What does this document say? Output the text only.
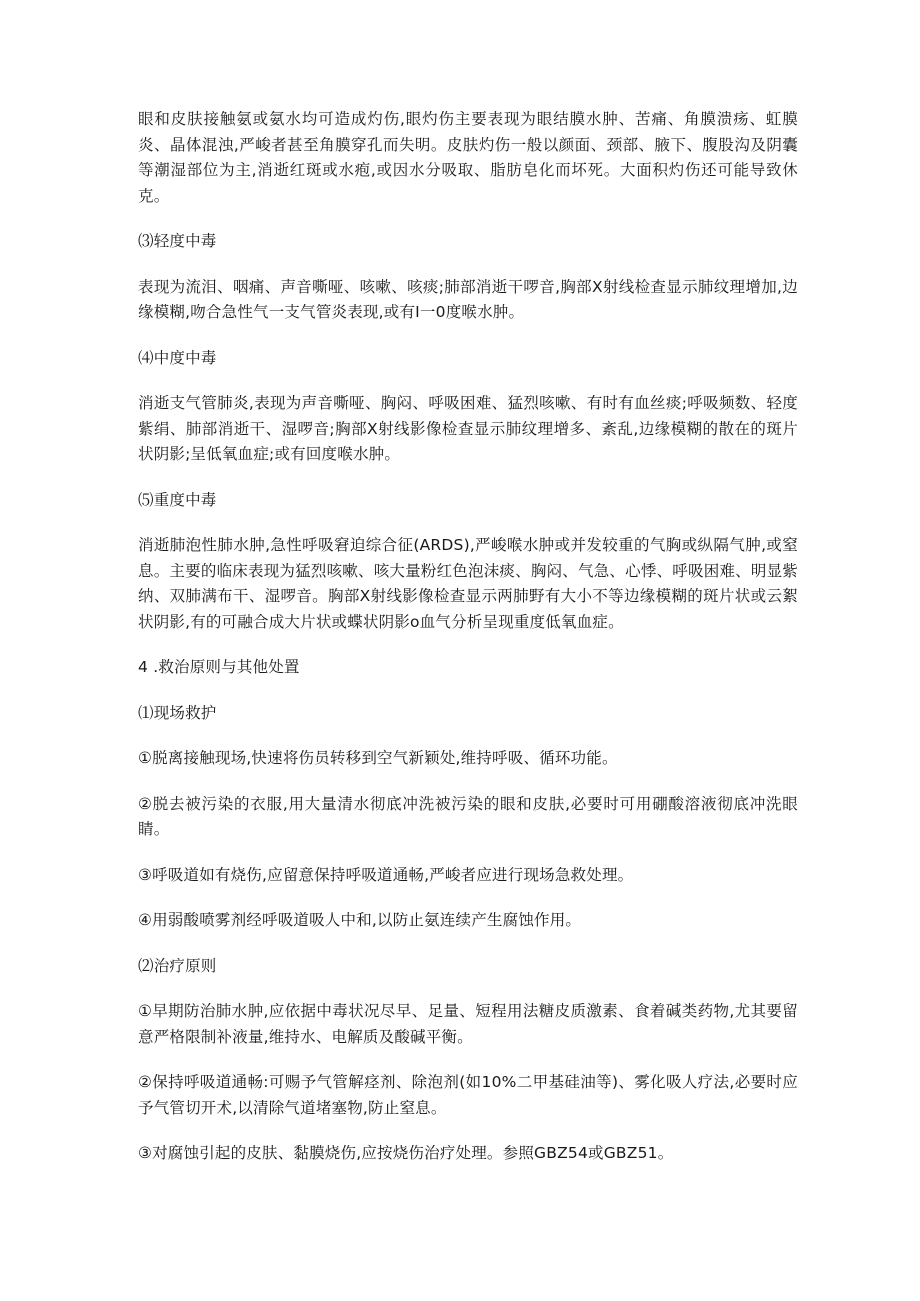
眼和皮肤接触氨或氨水均可造成灼伤,眼灼伤主要表现为眼结膜水肿、苦痛、角膜溃疡、虹膜炎、晶体混浊,严峻者甚至角膜穿孔而失明。皮肤灼伤一般以颜面、颈部、腋下、腹股沟及阴囊等潮湿部位为主,消逝红斑或水疱,或因水分吸取、脂肪皂化而坏死。大面积灼伤还可能导致休克。

⑶轻度中毒

表现为流泪、咽痛、声音嘶哑、咳嗽、咳痰;肺部消逝干啰音,胸部X射线检查显示肺纹理增加,边缘模糊,吻合急性气一支气管炎表现,或有I一0度喉水肿。

⑷中度中毒

消逝支气管肺炎,表现为声音嘶哑、胸闷、呼吸困难、猛烈咳嗽、有时有血丝痰;呼吸频数、轻度紫绢、肺部消逝干、湿啰音;胸部X射线影像检查显示肺纹理增多、紊乱,边缘模糊的散在的斑片状阴影;呈低氧血症;或有回度喉水肿。

⑸重度中毒

消逝肺泡性肺水肿,急性呼吸窘迫综合征(ARDS),严峻喉水肿或并发较重的气胸或纵隔气肿,或窒息。主要的临床表现为猛烈咳嗽、咳大量粉红色泡沫痰、胸闷、气急、心悸、呼吸困难、明显紫纳、双肺满布干、湿啰音。胸部X射线影像检查显示两肺野有大小不等边缘模糊的斑片状或云絮状阴影,有的可融合成大片状或蝶状阴影o血气分析呈现重度低氧血症。

4 .救治原则与其他处置

⑴现场救护

①脱离接触现场,快速将伤员转移到空气新颖处,维持呼吸、循环功能。

②脱去被污染的衣服,用大量清水彻底冲洗被污染的眼和皮肤,必要时可用硼酸溶液彻底冲洗眼睛。

③呼吸道如有烧伤,应留意保持呼吸道通畅,严峻者应进行现场急救处理。

④用弱酸喷雾剂经呼吸道吸人中和,以防止氨连续产生腐蚀作用。

⑵治疗原则

①早期防治肺水肿,应依据中毒状况尽早、足量、短程用法糖皮质激素、食着碱类药物,尤其要留意严格限制补液量,维持水、电解质及酸碱平衡。

②保持呼吸道通畅:可赐予气管解痉剂、除泡剂(如10%二甲基硅油等)、雾化吸人疗法,必要时应予气管切开术,以清除气道堵塞物,防止窒息。

③对腐蚀引起的皮肤、黏膜烧伤,应按烧伤治疗处理。参照GBZ54或GBZ51。
